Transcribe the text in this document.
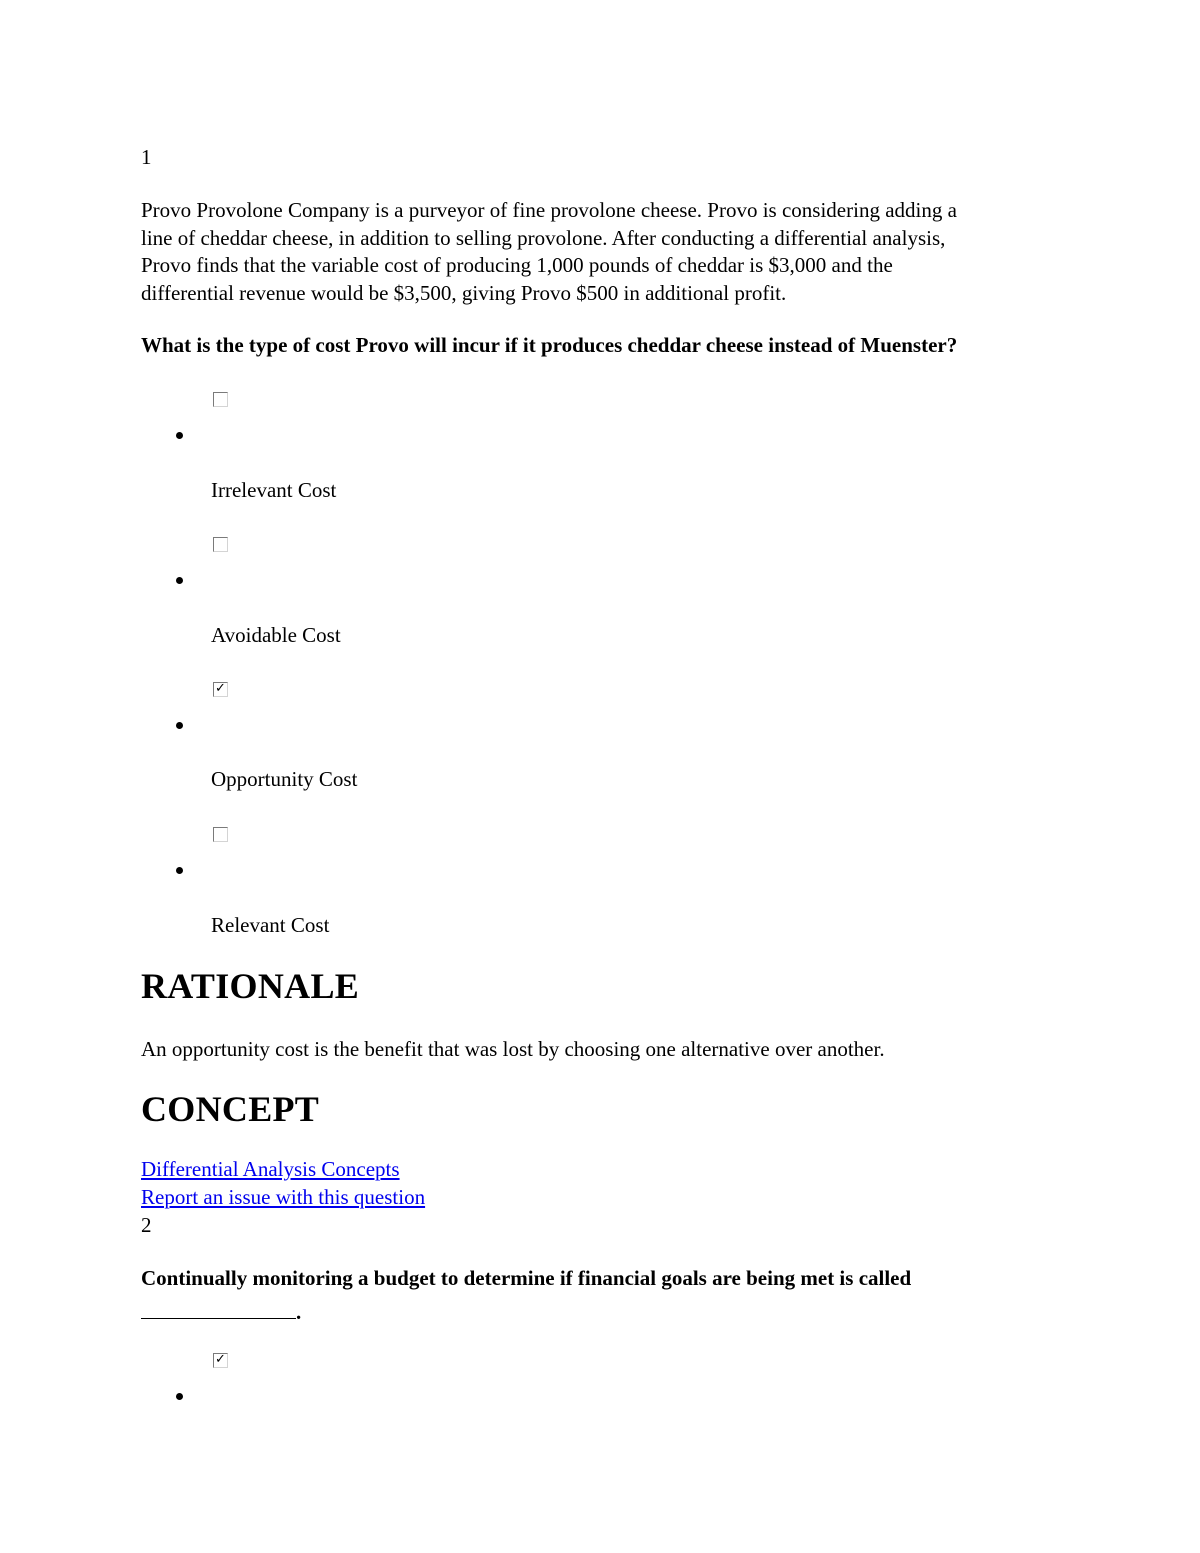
1
Provo Provolone Company is a purveyor of fine provolone cheese. Provo is considering adding a
line of cheddar cheese, in addition to selling provolone. After conducting a differential analysis,
Provo finds that the variable cost of producing 1,000 pounds of cheddar is $3,000 and the
differential revenue would be $3,500, giving Provo $500 in additional profit.
What is the type of cost Provo will incur if it produces cheddar cheese instead of Muenster?
Irrelevant Cost
Avoidable Cost
✓
Opportunity Cost
Relevant Cost
RATIONALE
An opportunity cost is the benefit that was lost by choosing one alternative over another.
CONCEPT
Differential Analysis Concepts
Report an issue with this question
2
Continually monitoring a budget to determine if financial goals are being met is called
.
✓
